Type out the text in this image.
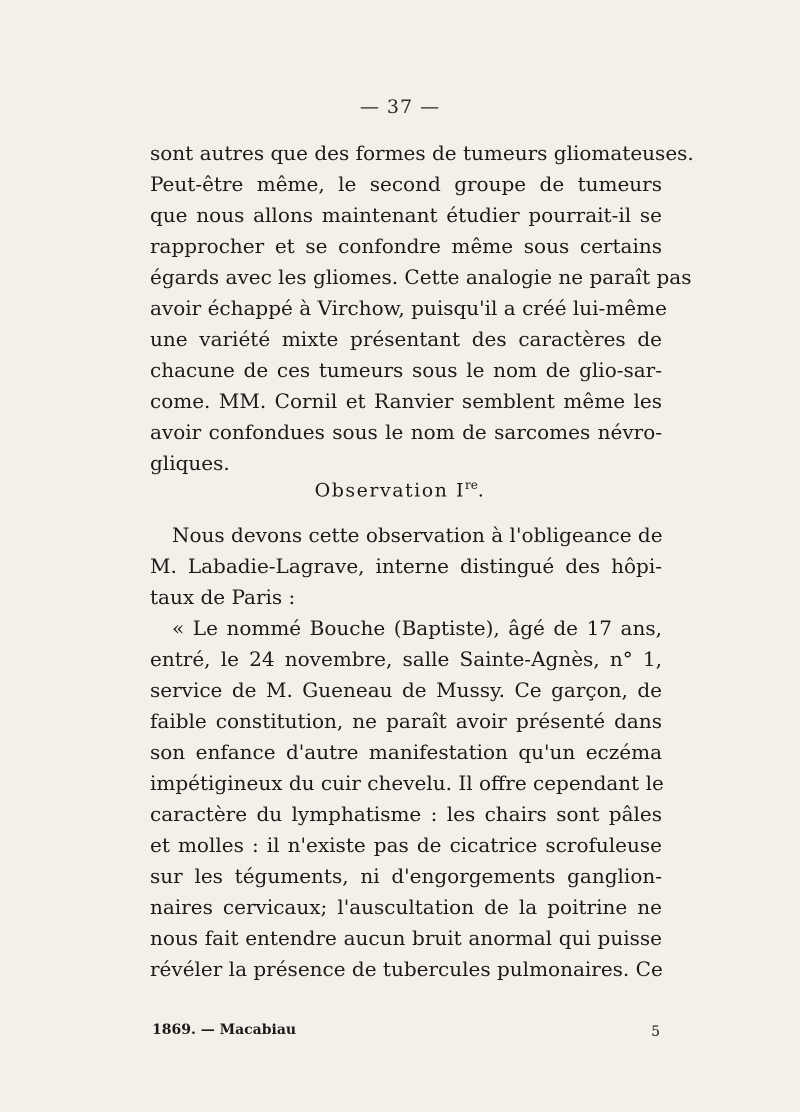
— 37 —
sont autres que des formes de tumeurs gliomateuses.
Peut-être même, le second groupe de tumeurs
que nous allons maintenant étudier pourrait-il se
rapprocher et se confondre même sous certains
égards avec les gliomes. Cette analogie ne paraît pas
avoir échappé à Virchow, puisqu'il a créé lui-même
une variété mixte présentant des caractères de
chacune de ces tumeurs sous le nom de glio-sar-
come. MM. Cornil et Ranvier semblent même les
avoir confondues sous le nom de sarcomes névro-
gliques.
Observation Ire.
Nous devons cette observation à l'obligeance de
M. Labadie-Lagrave, interne distingué des hôpi-
taux de Paris :
« Le nommé Bouche (Baptiste), âgé de 17 ans,
entré, le 24 novembre, salle Sainte-Agnès, n° 1,
service de M. Gueneau de Mussy. Ce garçon, de
faible constitution, ne paraît avoir présenté dans
son enfance d'autre manifestation qu'un eczéma
impétigineux du cuir chevelu. Il offre cependant le
caractère du lymphatisme : les chairs sont pâles
et molles : il n'existe pas de cicatrice scrofuleuse
sur les téguments, ni d'engorgements ganglion-
naires cervicaux; l'auscultation de la poitrine ne
nous fait entendre aucun bruit anormal qui puisse
révéler la présence de tubercules pulmonaires. Ce
1869. — Macabiau	5
